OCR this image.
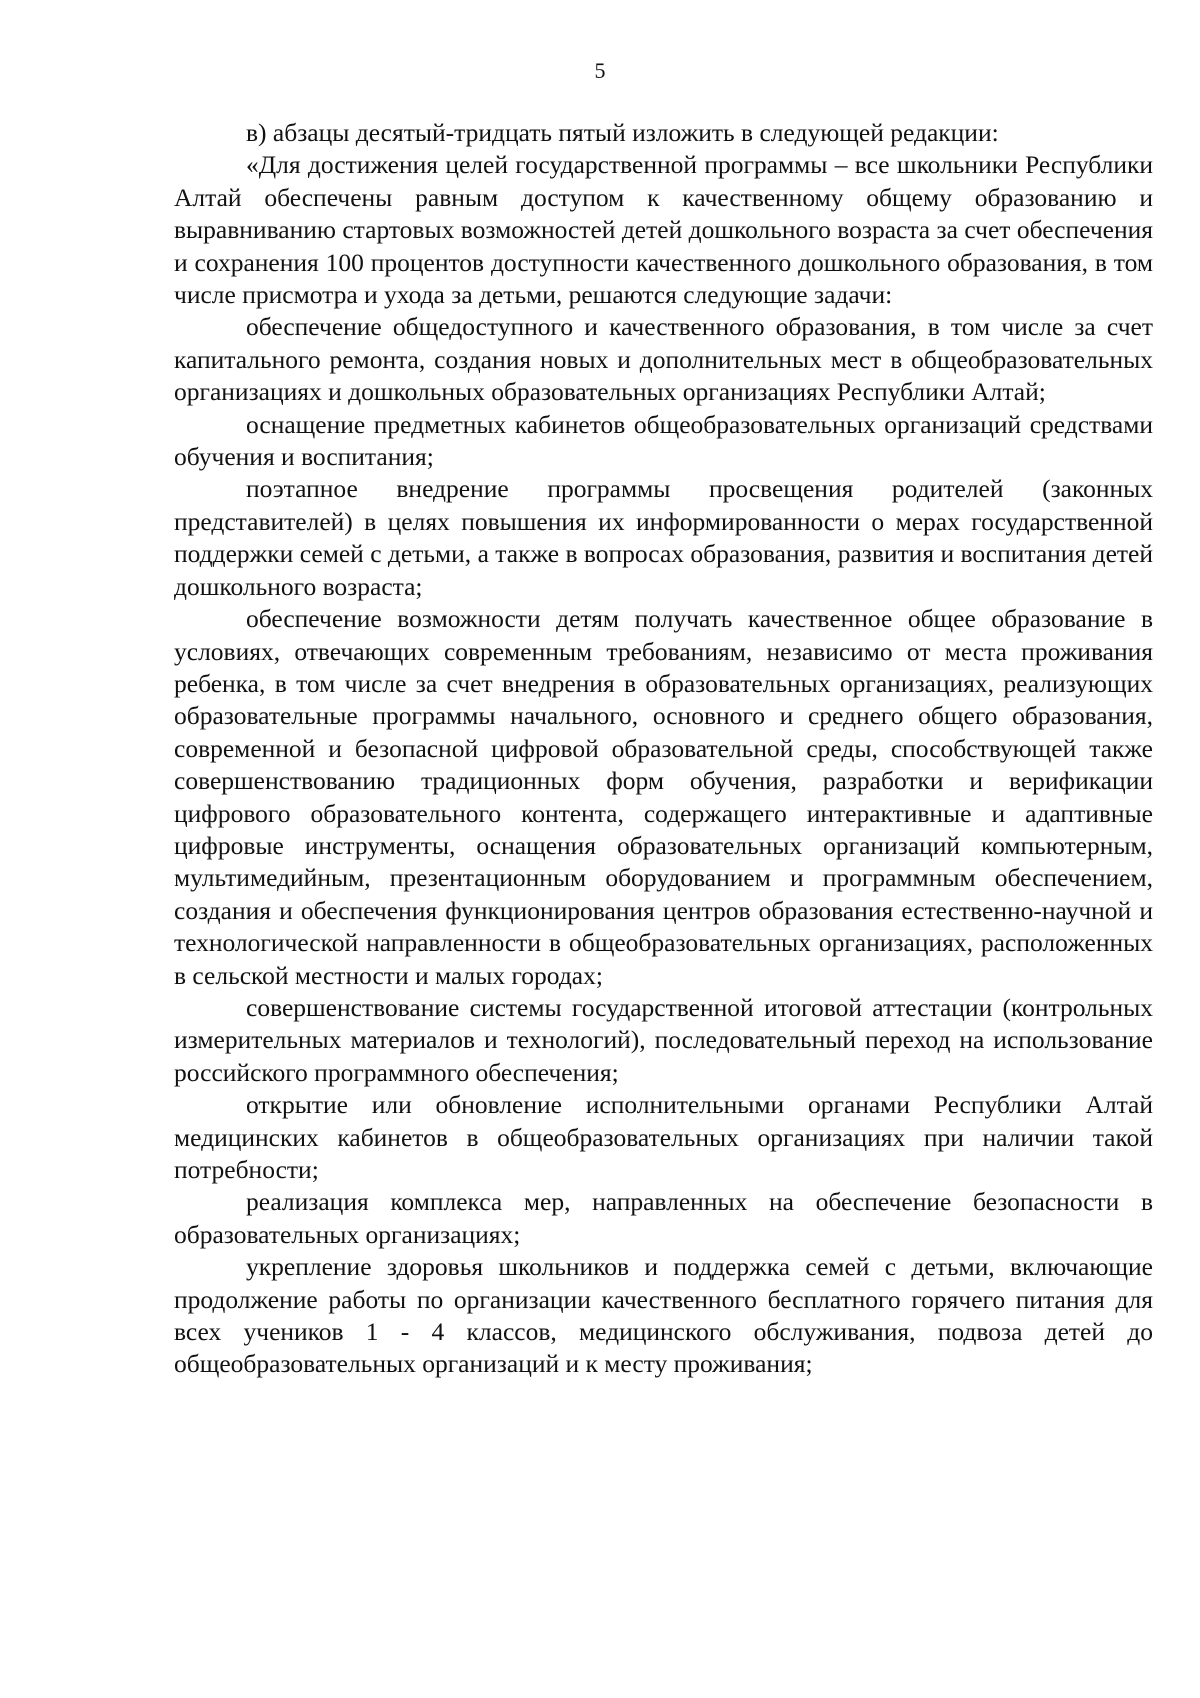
5

в) абзацы десятый-тридцать пятый изложить в следующей редакции:

«Для достижения целей государственной программы – все школьники Республики Алтай обеспечены равным доступом к качественному общему образованию и выравниванию стартовых возможностей детей дошкольного возраста за счет обеспечения и сохранения 100 процентов доступности качественного дошкольного образования, в том числе присмотра и ухода за детьми, решаются следующие задачи:

обеспечение общедоступного и качественного образования, в том числе за счет капитального ремонта, создания новых и дополнительных мест в общеобразовательных организациях и дошкольных образовательных организациях Республики Алтай;

оснащение предметных кабинетов общеобразовательных организаций средствами обучения и воспитания;

поэтапное внедрение программы просвещения родителей (законных представителей) в целях повышения их информированности о мерах государственной поддержки семей с детьми, а также в вопросах образования, развития и воспитания детей дошкольного возраста;

обеспечение возможности детям получать качественное общее образование в условиях, отвечающих современным требованиям, независимо от места проживания ребенка, в том числе за счет внедрения в образовательных организациях, реализующих образовательные программы начального, основного и среднего общего образования, современной и безопасной цифровой образовательной среды, способствующей также совершенствованию традиционных форм обучения, разработки и верификации цифрового образовательного контента, содержащего интерактивные и адаптивные цифровые инструменты, оснащения образовательных организаций компьютерным, мультимедийным, презентационным оборудованием и программным обеспечением, создания и обеспечения функционирования центров образования естественно-научной и технологической направленности в общеобразовательных организациях, расположенных в сельской местности и малых городах;

совершенствование системы государственной итоговой аттестации (контрольных измерительных материалов и технологий), последовательный переход на использование российского программного обеспечения;

открытие или обновление исполнительными органами Республики Алтай медицинских кабинетов в общеобразовательных организациях при наличии такой потребности;

реализация комплекса мер, направленных на обеспечение безопасности в образовательных организациях;

укрепление здоровья школьников и поддержка семей с детьми, включающие продолжение работы по организации качественного бесплатного горячего питания для всех учеников 1 - 4 классов, медицинского обслуживания, подвоза детей до общеобразовательных организаций и к месту проживания;
